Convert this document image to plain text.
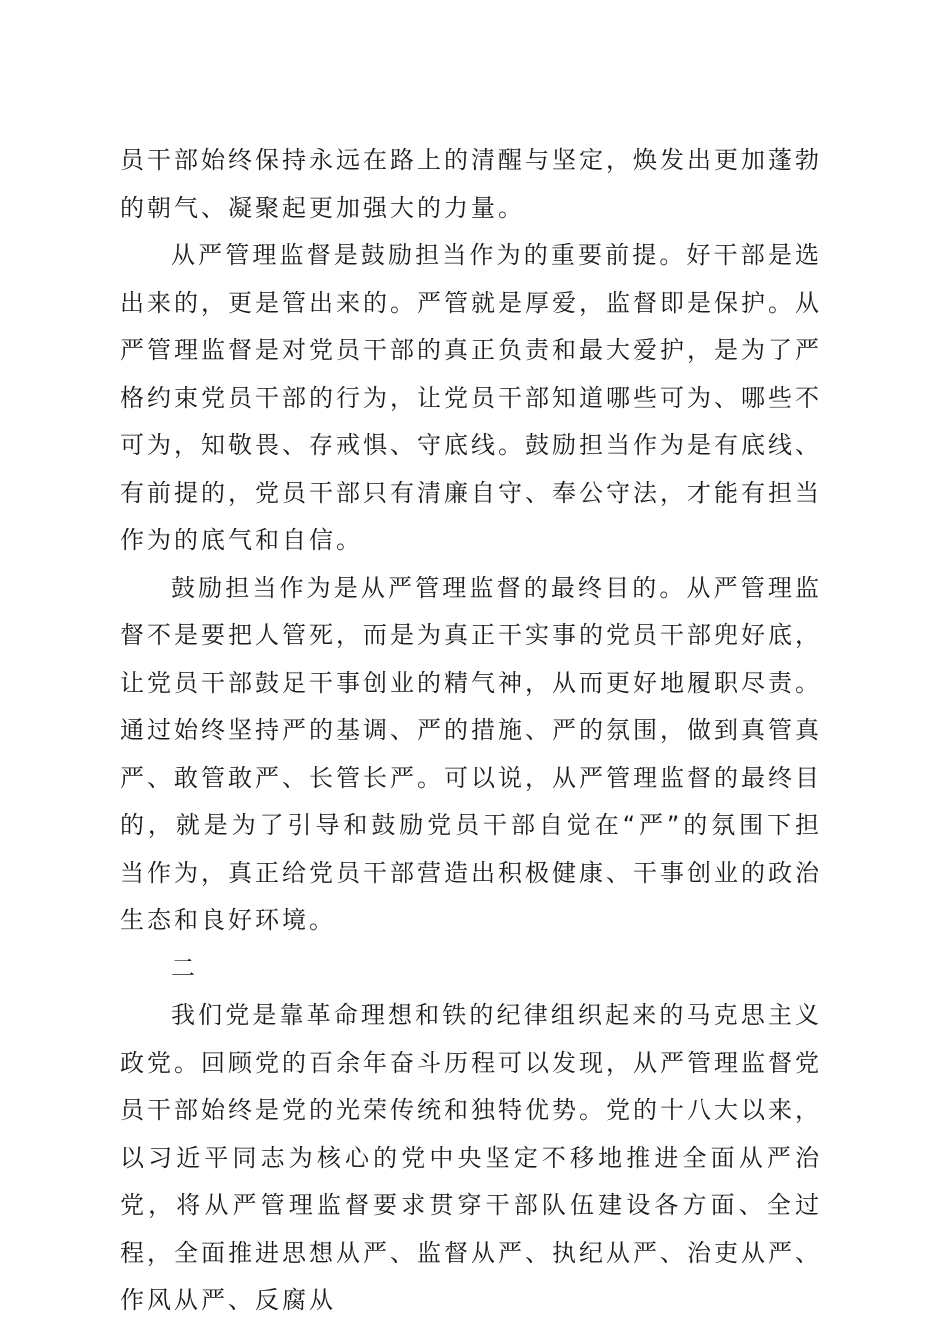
员干部始终保持永远在路上的清醒与坚定，焕发出更加蓬勃的朝气、凝聚起更加强大的力量。

从严管理监督是鼓励担当作为的重要前提。好干部是选出来的，更是管出来的。严管就是厚爱，监督即是保护。从严管理监督是对党员干部的真正负责和最大爱护，是为了严格约束党员干部的行为，让党员干部知道哪些可为、哪些不可为，知敬畏、存戒惧、守底线。鼓励担当作为是有底线、有前提的，党员干部只有清廉自守、奉公守法，才能有担当作为的底气和自信。

鼓励担当作为是从严管理监督的最终目的。从严管理监督不是要把人管死，而是为真正干实事的党员干部兜好底，让党员干部鼓足干事创业的精气神，从而更好地履职尽责。通过始终坚持严的基调、严的措施、严的氛围，做到真管真严、敢管敢严、长管长严。可以说，从严管理监督的最终目的，就是为了引导和鼓励党员干部自觉在“严”的氛围下担当作为，真正给党员干部营造出积极健康、干事创业的政治生态和良好环境。

二

我们党是靠革命理想和铁的纪律组织起来的马克思主义政党。回顾党的百余年奋斗历程可以发现，从严管理监督党员干部始终是党的光荣传统和独特优势。党的十八大以来，以习近平同志为核心的党中央坚定不移地推进全面从严治党，将从严管理监督要求贯穿干部队伍建设各方面、全过程，全面推进思想从严、监督从严、执纪从严、治吏从严、作风从严、反腐从
